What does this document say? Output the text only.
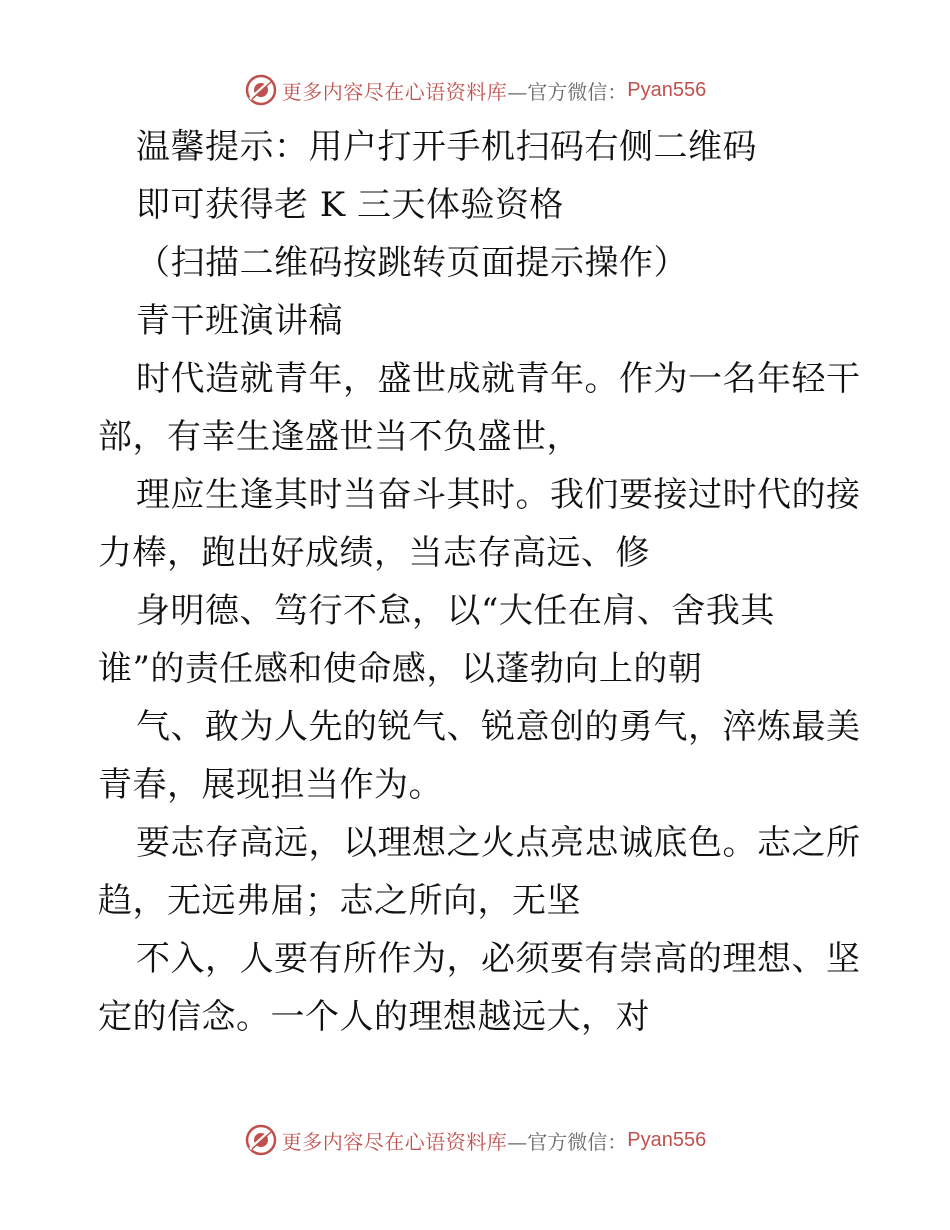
更多内容尽在心语资料库 —官方微信： Pyan556
温馨提示：用户打开手机扫码右侧二维码
即可获得老 K 三天体验资格
（扫描二维码按跳转页面提示操作）
青干班演讲稿
时代造就青年，盛世成就青年。作为一名年轻干
部，有幸生逢盛世当不负盛世，
理应生逢其时当奋斗其时。我们要接过时代的接
力棒，跑出好成绩，当志存高远、修
身明德、笃行不怠，以“大任在肩、舍我其
谁”的责任感和使命感，以蓬勃向上的朝
气、敢为人先的锐气、锐意创的勇气，淬炼最美
青春，展现担当作为。
要志存高远，以理想之火点亮忠诚底色。志之所
趋，无远弗届；志之所向，无坚
不入，人要有所作为，必须要有崇高的理想、坚
定的信念。一个人的理想越远大，对
更多内容尽在心语资料库 —官方微信： Pyan556
